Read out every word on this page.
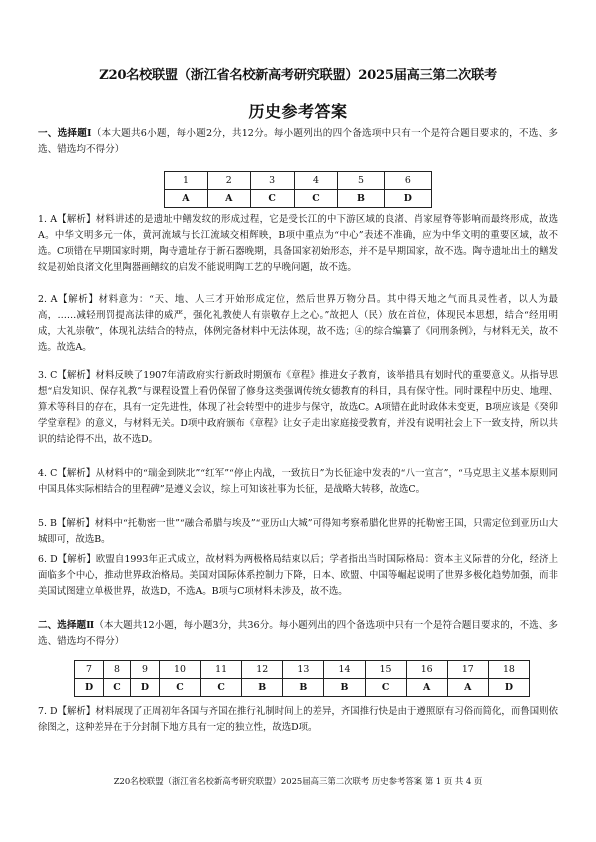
Z20名校联盟（浙江省名校新高考研究联盟）2025届高三第二次联考
历史参考答案
一、选择题Ⅰ（本大题共6小题，每小题2分，共12分。每小题列出的四个备选项中只有一个是符合题目要求的，不选、多选、错选均不得分）
1	2	3	4	5	6
A	A	C	C	B	D
1. A【解析】材料讲述的是遗址中鳝发纹的形成过程，它是受长江的中下游区域的良渚、肖家屋脊等影响而最终形成，故选A。中华文明多元一体，黄河流域与长江流域交相辉映，B项中重点为“中心”表述不准确，应为中华文明的重要区域，故不选。C项错在早期国家时期，陶寺遗址存于新石器晚期，具备国家初始形态，并不是早期国家，故不选。陶寺遗址出土的鳝发纹是初始良渚文化里陶器画鳝纹的启发不能说明陶工艺的早晚问题，故不选。
2. A【解析】材料意为：“天、地、人三才开始形成定位，然后世界万物分昌。其中得天地之气而具灵性者，以人为最高，……减轻刑罚提高法律的威严，强化礼教使人有崇敬存上之心。”故把人（民）放在首位，体现民本思想，结合“经用明成，大礼崇敬”，体现礼法结合的特点，体例完备材料中无法体现，故不选；④的综合编纂了《同刑条例》，与材料无关，故不选。故选A。
3. C【解析】材料反映了1907年清政府实行新政时期颁布《章程》推进女子教育，该举措具有划时代的重要意义。从指导思想“启发知识、保存礼教”与课程设置上看仍保留了修身这类强调传统女德教育的科目，具有保守性。同时课程中历史、地理、算术等科目的存在，具有一定先进性，体现了社会转型中的进步与保守，故选C。A项错在此时政体未变更，B项应该是《癸卯学堂章程》的意义，与材料无关。D项中政府颁布《章程》让女子走出家庭接受教育，并没有说明社会上下一致支持，所以共识的结论得不出，故不选D。
4. C【解析】从材料中的“瑞金到陕北”“红军”“停止内战，一致抗日”为长征途中发表的“八一宣言”，“马克思主义基本原则同中国具体实际相结合的里程碑”是遵义会议，综上可知该社事为长征，是战略大转移，故选C。
5. B【解析】材料中“托勒密一世”“融合希腊与埃及”“亚历山大城”可得知考察希腊化世界的托勒密王国，只需定位到亚历山大城即可，故选B。
6. D【解析】欧盟自1993年正式成立，故材料为两极格局结束以后；学者指出当时国际格局：资本主义际普的分化，经济上面临多个中心，推动世界政治格局。美国对国际体系控制力下降，日本、欧盟、中国等崛起说明了世界多极化趋势加强，而非美国试图建立单极世界，故选D，不选A。B项与C项材料未涉及，故不选。
二、选择题Ⅱ（本大题共12小题，每小题3分，共36分。每小题列出的四个备选项中只有一个是符合题目要求的，不选、多选、错选均不得分）
7	8	9	10	11	12	13	14	15	16	17	18
D	C	D	C	C	B	B	B	C	A	A	D
7. D【解析】材料展现了正周初年各国与齐国在推行礼制时间上的差异，齐国推行快是由于遵照原有习俗而简化，而鲁国则依徐图之，这种差异在于分封制下地方具有一定的独立性，故选D项。
Z20名校联盟（浙江省名校新高考研究联盟）2025届高三第二次联考 历史参考答案 第 1 页 共 4 页
